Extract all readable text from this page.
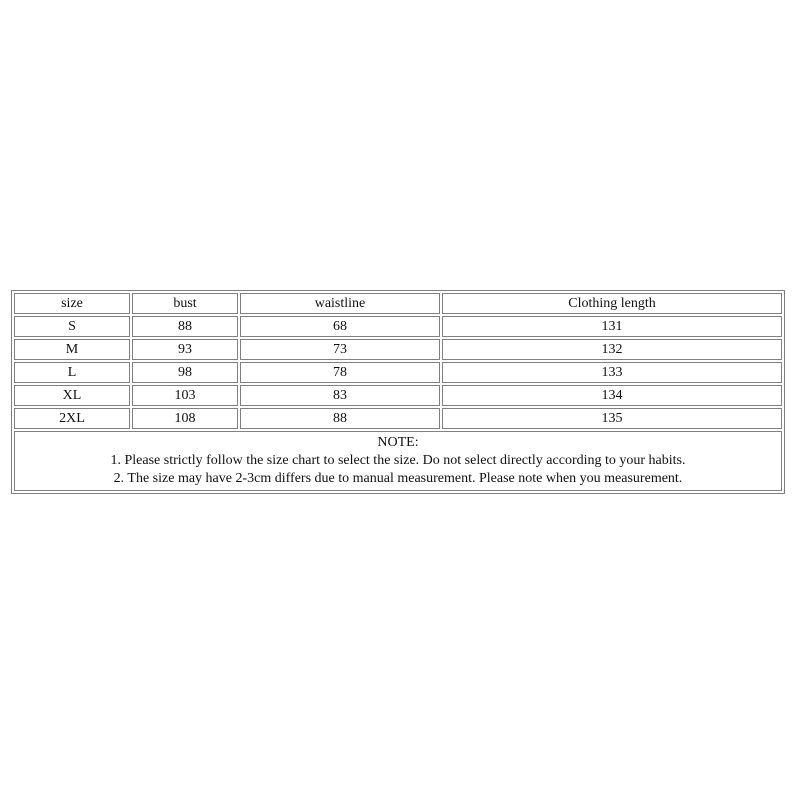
size	bust	waistline	Clothing length
S	88	68	131
M	93	73	132
L	98	78	133
XL	103	83	134
2XL	108	88	135

NOTE:
1. Please strictly follow the size chart to select the size. Do not select directly according to your habits.
2. The size may have 2-3cm differs due to manual measurement. Please note when you measurement.			
